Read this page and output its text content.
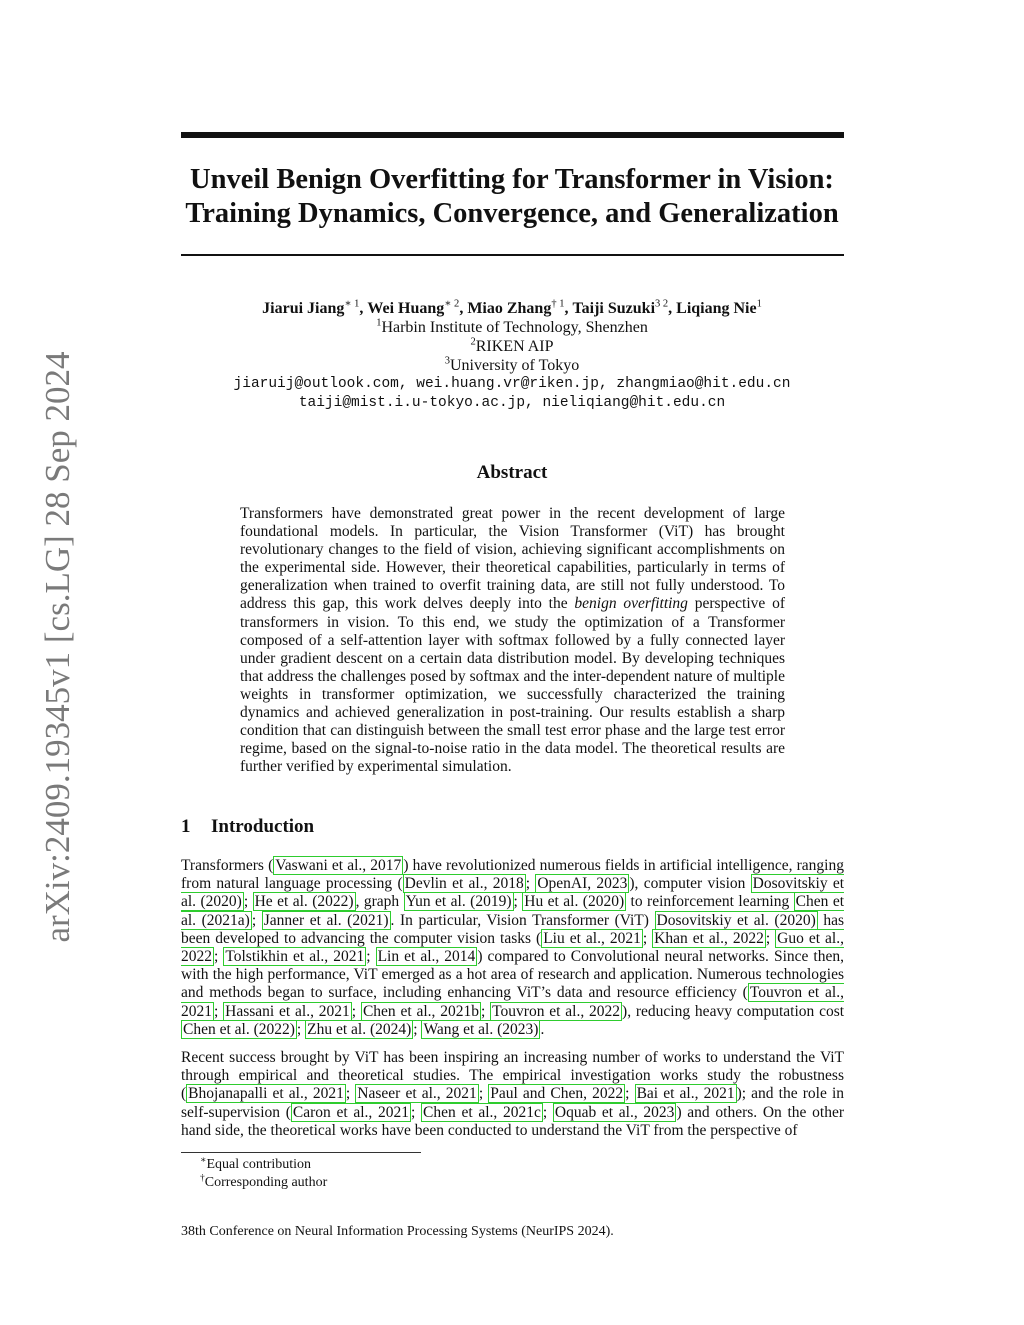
arXiv:2409.19345v1 [cs.LG] 28 Sep 2024
Unveil Benign Overfitting for Transformer in Vision:
Training Dynamics, Convergence, and Generalization
Jiarui Jiang$^{∗ 1}$ , Wei Huang$^{∗ 2}$ , Miao Zhang$^{\dagger 1}$ , Taiji Suzuki$^{3 2}$ , Liqiang Nie$^1$
$^1$Harbin Institute of Technology, Shenzhen
$^2$RIKEN AIP
$^3$University of Tokyo
jiaruij@outlook.com, wei.huang.vr@riken.jp, zhangmiao@hit.edu.cn
taiji@mist.i.u-tokyo.ac.jp, nieliqiang@hit.edu.cn
Abstract

Transformers have demonstrated great power in the recent development of large foundational models. In particular, the Vision Transformer (ViT) has brought revolutionary changes to the field of vision, achieving significant accomplishments on the experimental side. However, their theoretical capabilities, particularly in terms of generalization when trained to overfit training data, are still not fully understood. To address this gap, this work delves deeply into the benign overfitting perspective of transformers in vision. To this end, we study the optimization of a Transformer composed of a self-attention layer with softmax followed by a fully connected layer under gradient descent on a certain data distribution model. By developing techniques that address the challenges posed by softmax and the inter-dependent nature of multiple weights in transformer optimization, we successfully characterized the training dynamics and achieved generalization in post-training. Our results establish a sharp condition that can distinguish between the small test error phase and the large test error regime, based on the signal-to-noise ratio in the data model. The theoretical results are further verified by experimental simulation.

1 Introduction

Transformers ( Vaswani et al., 2017 ) have revolutionized numerous fields in artificial intelligence, ranging from natural language processing ( Devlin et al., 2018 ; OpenAI, 2023 ), computer vision Dosovitskiy et al. (2020) ; He et al. (2022) , graph Yun et al. (2019) ; Hu et al. (2020) to reinforcement learning Chen et al. (2021a) ; Janner et al. (2021) . In particular, Vision Transformer (ViT) Dosovitskiy et al. (2020) has been developed to advancing the computer vision tasks ( Liu et al., 2021 ; Khan et al., 2022 ; Guo et al., 2022 ; Tolstikhin et al., 2021 ; Lin et al., 2014 ) compared to Convolutional neural networks. Since then, with the high performance, ViT emerged as a hot area of research and application. Numerous technologies and methods began to surface, including enhancing ViT’s data and resource efficiency ( Touvron et al., 2021 ; Hassani et al., 2021 ; Chen et al., 2021b ; Touvron et al., 2022 ), reducing heavy computation cost Chen et al. (2022) ; Zhu et al. (2024) ; Wang et al. (2023) .

Recent success brought by ViT has been inspiring an increasing number of works to understand the ViT through empirical and theoretical studies. The empirical investigation works study the robustness ( Bhojanapalli et al., 2021 ; Naseer et al., 2021 ; Paul and Chen, 2022 ; Bai et al., 2021 ); and the role in self-supervision ( Caron et al., 2021 ; Chen et al., 2021c ; Oquab et al., 2023 ) and others. On the other hand side, the theoretical works have been conducted to understand the ViT from the perspective of

∗Equal contribution
†Corresponding author
38th Conference on Neural Information Processing Systems (NeurIPS 2024).
